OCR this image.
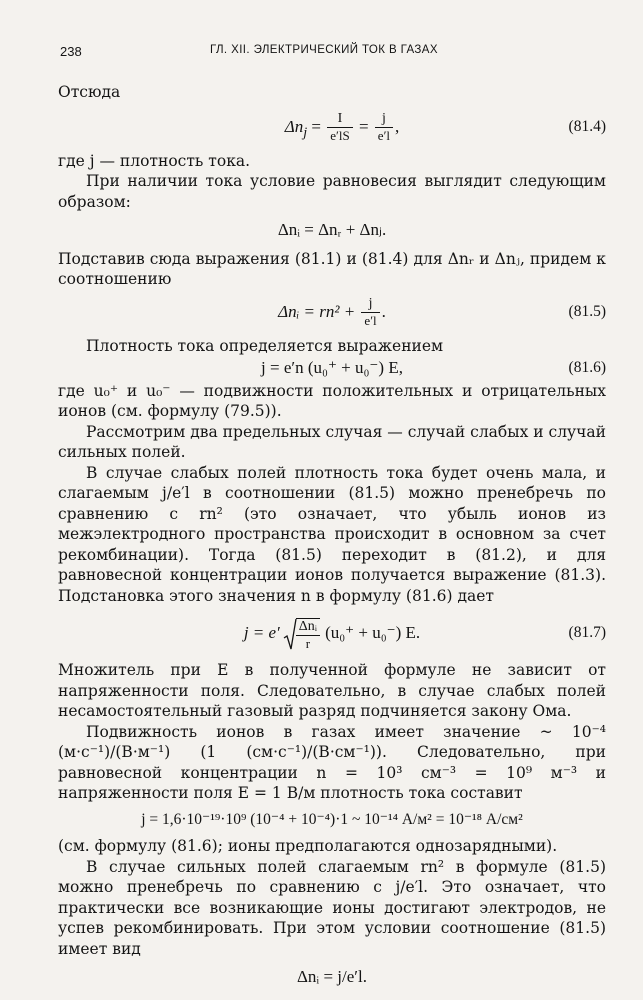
238	ГЛ. XII. ЭЛЕКТРИЧЕСКИЙ ТОК В ГАЗАХ

Отсюда

$\Delta n_j = \frac{I}{e'lS} = \frac{j}{e'l}$ ,	(81.4)

где j — плотность тока.

При наличии тока условие равновесия выглядит следующим образом:

Δnᵢ = Δnᵣ + Δnⱼ.

Подставив сюда выражения (81.1) и (81.4) для Δnᵣ и Δnⱼ, придем к соотношению

Δnᵢ = $rn^2 + \frac{j}{e'l}$ .	(81.5)

Плотность тока определяется выражением

j = e′n (u₀⁺ + u₀⁻) E,	(81.6)

где u₀⁺ и u₀⁻ — подвижности положительных и отрицательных ионов (см. формулу (79.5)).

Рассмотрим два предельных случая — случай слабых и случай сильных полей.

В случае слабых полей плотность тока будет очень мала, и слагаемым j/e′l в соотношении (81.5) можно пренебречь по сравнению с rn² (это означает, что убыль ионов из межэлектродного пространства происходит в основном за счет рекомбинации). Тогда (81.5) переходит в (81.2), и для равновесной концентрации ионов получается выражение (81.3). Подстановка этого значения n в формулу (81.6) дает

$j = e' \frac{\text{Δnᵢ}}{r} (u_0^+ + u_0^-)$ E.	(81.7)

Множитель при E в полученной формуле не зависит от напряженности поля. Следовательно, в случае слабых полей несамостоятельный газовый разряд подчиняется закону Ома.

Подвижность ионов в газах имеет значение ~ 10⁻⁴ (м·с⁻¹)/(В·м⁻¹) (1 (см·с⁻¹)/(В·см⁻¹)). Следовательно, при равновесной концентрации n = 10³ см⁻³ = 10⁹ м⁻³ и напряженности поля E = 1 В/м плотность тока составит

j = 1,6·10⁻¹⁹·10⁹ (10⁻⁴ + 10⁻⁴)·1 ~ 10⁻¹⁴ А/м² = 10⁻¹⁸ А/см²

(см. формулу (81.6); ионы предполагаются однозарядными).

В случае сильных полей слагаемым rn² в формуле (81.5) можно пренебречь по сравнению с j/e′l. Это означает, что практически все возникающие ионы достигают электродов, не успев рекомбинировать. При этом условии соотношение (81.5) имеет вид

Δnᵢ = j/e′l.
